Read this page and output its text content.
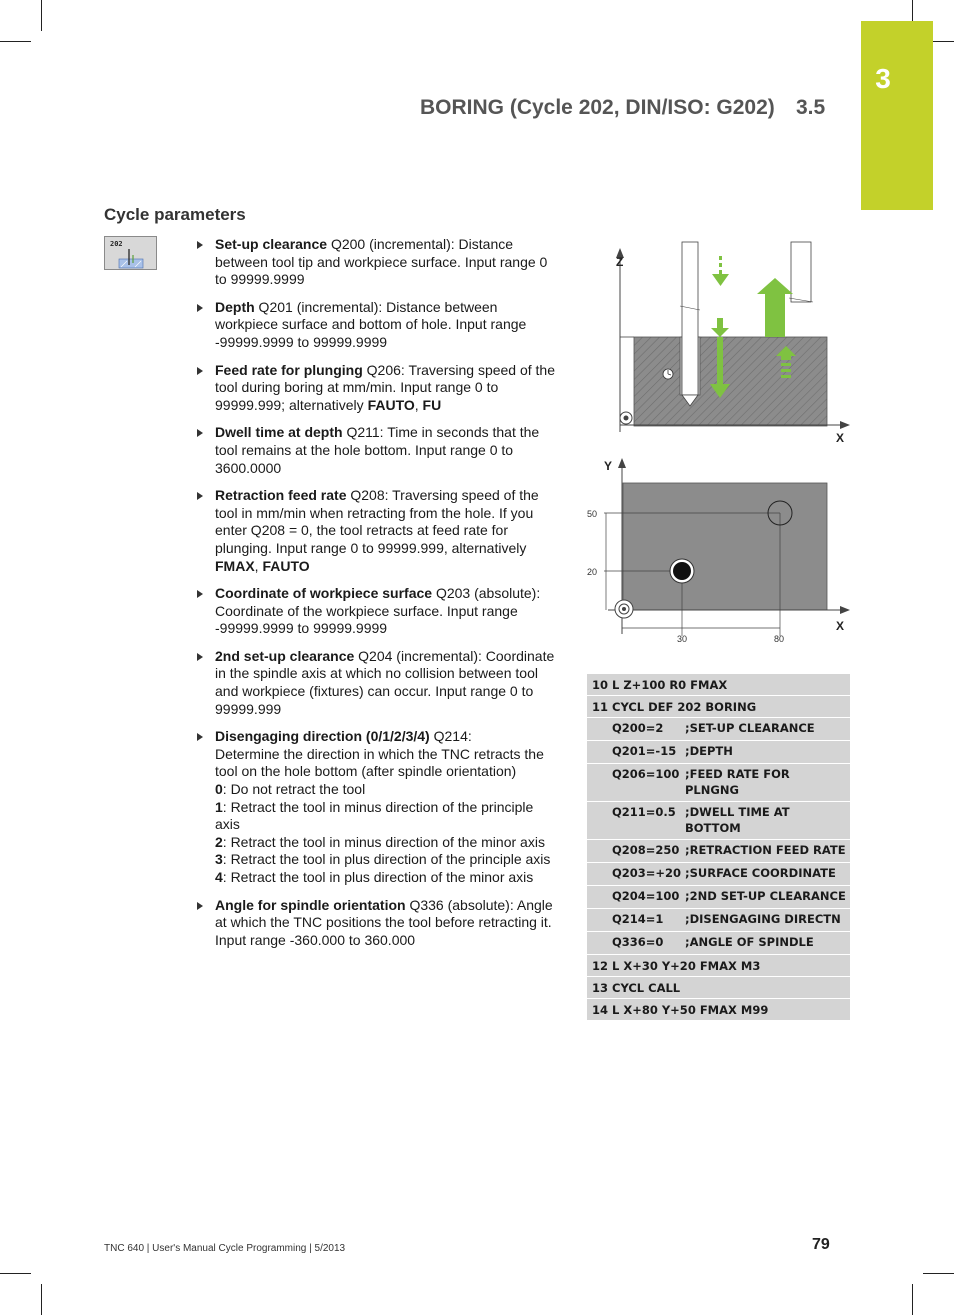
3
BORING (Cycle 202, DIN/ISO: G202) 3.5
Cycle parameters
202	Set-up clearance Q200 (incremental): Distance between tool tip and workpiece surface. Input range 0 to 99999.9999
Depth Q201 (incremental): Distance between workpiece surface and bottom of hole. Input range -99999.9999 to 99999.9999
Feed rate for plunging Q206: Traversing speed of the tool during boring at mm/min. Input range 0 to 99999.999; alternatively FAUTO, FU
Dwell time at depth Q211: Time in seconds that the tool remains at the hole bottom. Input range 0 to 3600.0000
Retraction feed rate Q208: Traversing speed of the tool in mm/min when retracting from the hole. If you enter Q208 = 0, the tool retracts at feed rate for plunging. Input range 0 to 99999.999, alternatively FMAX, FAUTO
Coordinate of workpiece surface Q203 (absolute): Coordinate of the workpiece surface. Input range -99999.9999 to 99999.9999
2nd set-up clearance Q204 (incremental): Coordinate in the spindle axis at which no collision between tool and workpiece (fixtures) can occur. Input range 0 to 99999.999
Disengaging direction (0/1/2/3/4) Q214:
Determine the direction in which the TNC retracts the
tool on the hole bottom (after spindle orientation)
0: Do not retract the tool
1: Retract the tool in minus direction of the principle axis
2: Retract the tool in minus direction of the minor axis
3: Retract the tool in plus direction of the principle axis
4: Retract the tool in plus direction of the minor axis
Angle for spindle orientation Q336 (absolute): Angle at which the TNC positions the tool before retracting it. Input range -360.000 to 360.000
Z
X
Y
X
50
20
30	80
10 L Z+100 R0 FMAX
11 CYCL DEF 202 BORING
Q200=2	;SET-UP CLEARANCE
Q201=-15 ;DEPTH
Q206=100 ;FEED RATE FOR PLNGNG
Q211=0.5 ;DWELL TIME AT BOTTOM
Q208=250 ;RETRACTION FEED RATE
Q203=+20 ;SURFACE COORDINATE
Q204=100 ;2ND SET-UP CLEARANCE
Q214=1	;DISENGAGING DIRECTN
Q336=0	;ANGLE OF SPINDLE
12 L X+30 Y+20 FMAX M3
13 CYCL CALL
14 L X+80 Y+50 FMAX M99
TNC 640 | User's Manual Cycle Programming | 5/2013	79
